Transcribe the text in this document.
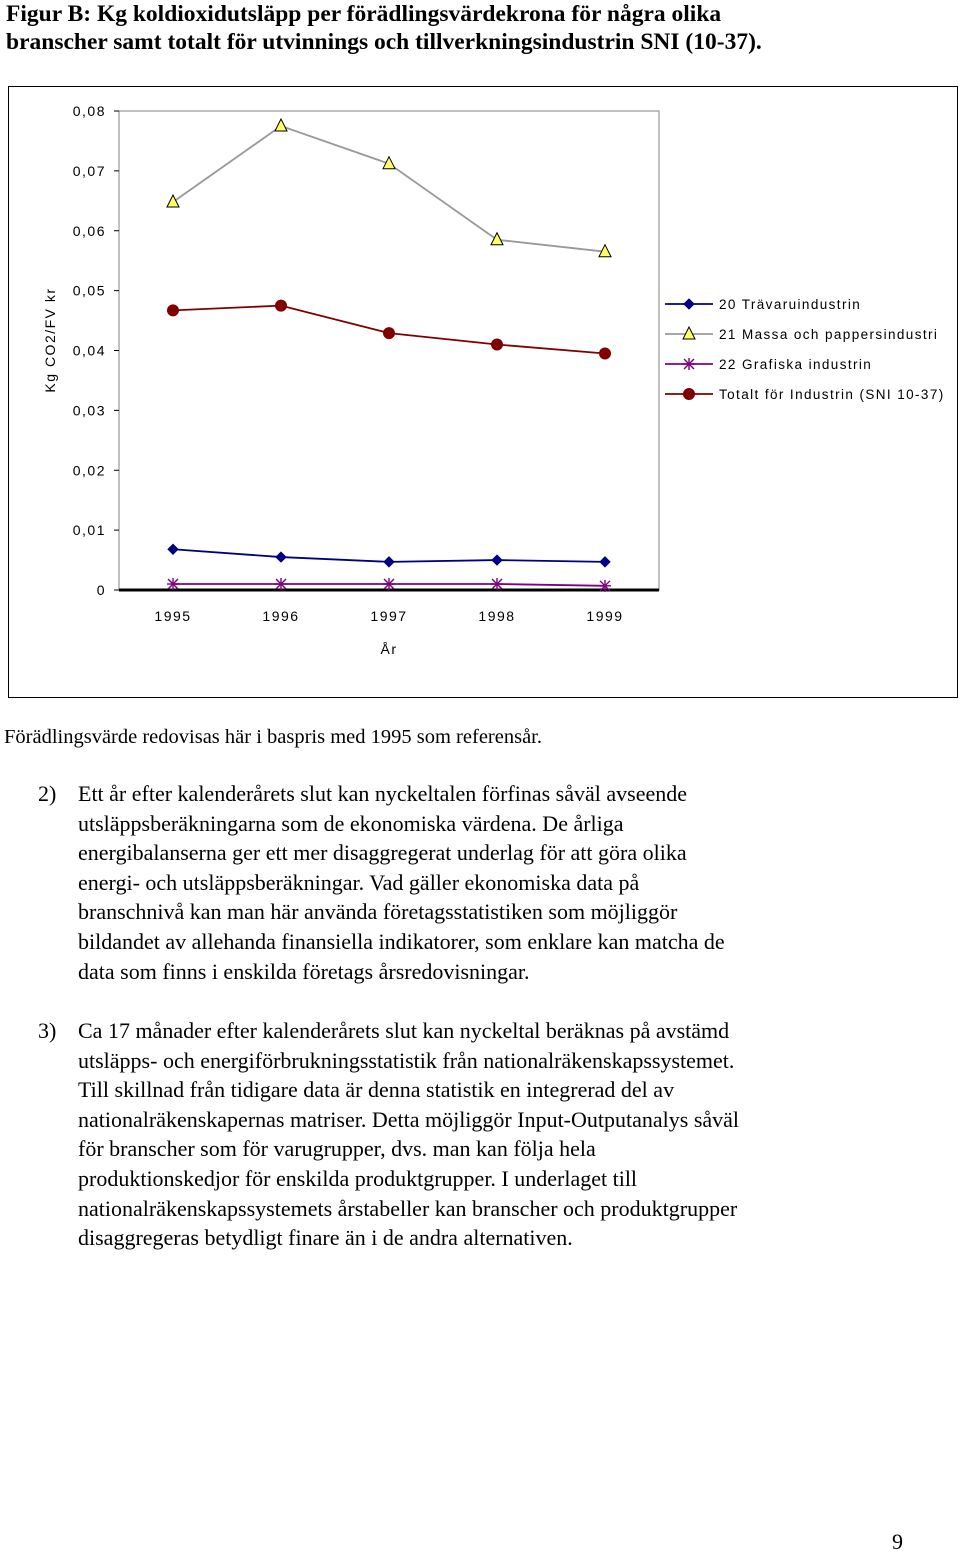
Figur B: Kg koldioxidutsläpp per förädlingsvärdekrona för några olika
branscher samt totalt för utvinnings och tillverkningsindustrin SNI (10-37).
0
0,01
0,02
0,03
0,04
0,05
0,06
0,07
0,08
Kg CO2/FV kr
1995	1996	1997	1998	1999
År
20 Trävaruindustrin
21 Massa och pappersindustri
22 Grafiska industrin
Totalt för Industrin (SNI 10-37)

Förädlingsvärde redovisas här i baspris med 1995 som referensår.

2) Ett år efter kalenderårets slut kan nyckeltalen förfinas såväl avseende
utsläppsberäkningarna som de ekonomiska värdena. De årliga
energibalanserna ger ett mer disaggregerat underlag för att göra olika
energi- och utsläppsberäkningar. Vad gäller ekonomiska data på
branschnivå kan man här använda företagsstatistiken som möjliggör
bildandet av allehanda finansiella indikatorer, som enklare kan matcha de
data som finns i enskilda företags årsredovisningar.
3) Ca 17 månader efter kalenderårets slut kan nyckeltal beräknas på avstämd
utsläpps- och energiförbrukningsstatistik från nationalräkenskapssystemet.
Till skillnad från tidigare data är denna statistik en integrerad del av
nationalräkenskapernas matriser. Detta möjliggör Input-Outputanalys såväl
för branscher som för varugrupper, dvs. man kan följa hela
produktionskedjor för enskilda produktgrupper. I underlaget till
nationalräkenskapssystemets årstabeller kan branscher och produktgrupper
disaggregeras betydligt finare än i de andra alternativen.
9
